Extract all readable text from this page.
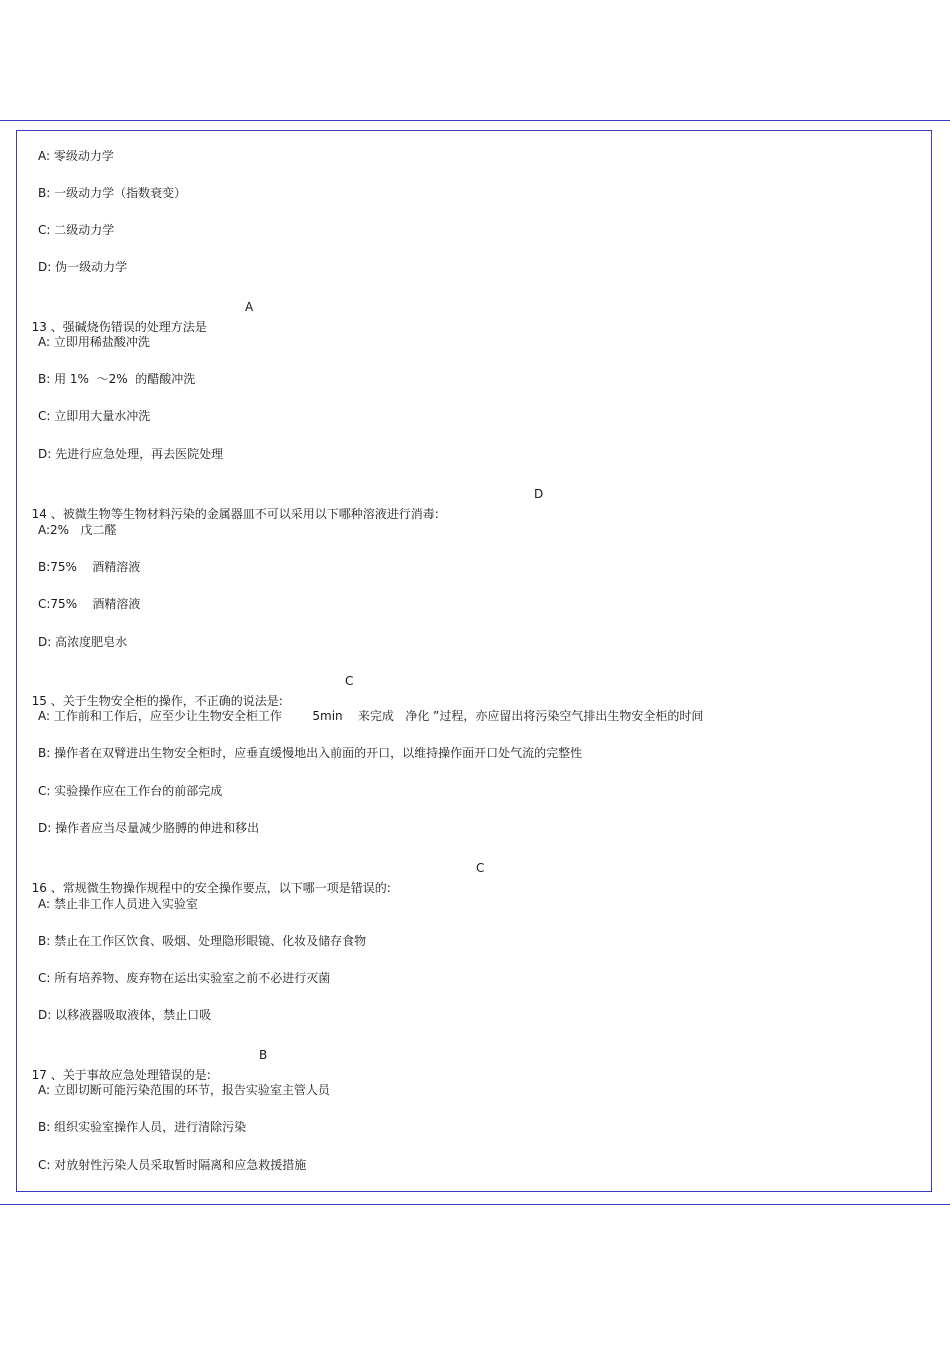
A: 零级动力学
B: 一级动力学（指数衰变）
C: 二级动力学
D: 伪一级动力学

13 、强碱烧伤错误的处理方法是

A

A: 立即用稀盐酸冲洗
B: 用 1%  ～2%  的醋酸冲洗
C: 立即用大量水冲洗
D: 先进行应急处理，再去医院处理

14 、被微生物等生物材料污染的金属器皿不可以采用以下哪种溶液进行消毒:

D

A:2%   戊二醛
B:75%    酒精溶液
C:75%    酒精溶液
D: 高浓度肥皂水

15 、关于生物安全柜的操作，不正确的说法是:

C

A: 工作前和工作后，应至少让生物安全柜工作        5min    来完成   净化 ”过程，亦应留出将污染空气排出生物安全柜的时间
B: 操作者在双臂进出生物安全柜时，应垂直缓慢地出入前面的开口，以维持操作面开口处气流的完整性
C: 实验操作应在工作台的前部完成
D: 操作者应当尽量减少胳膊的伸进和移出

16 、常规微生物操作规程中的安全操作要点，以下哪一项是错误的:

C

A: 禁止非工作人员进入实验室
B: 禁止在工作区饮食、吸烟、处理隐形眼镜、化妆及储存食物
C: 所有培养物、废弃物在运出实验室之前不必进行灭菌
D: 以移液器吸取液体，禁止口吸

17 、关于事故应急处理错误的是:

B

A: 立即切断可能污染范围的环节，报告实验室主管人员
B: 组织实验室操作人员，进行清除污染
C: 对放射性污染人员采取暂时隔离和应急救援措施
